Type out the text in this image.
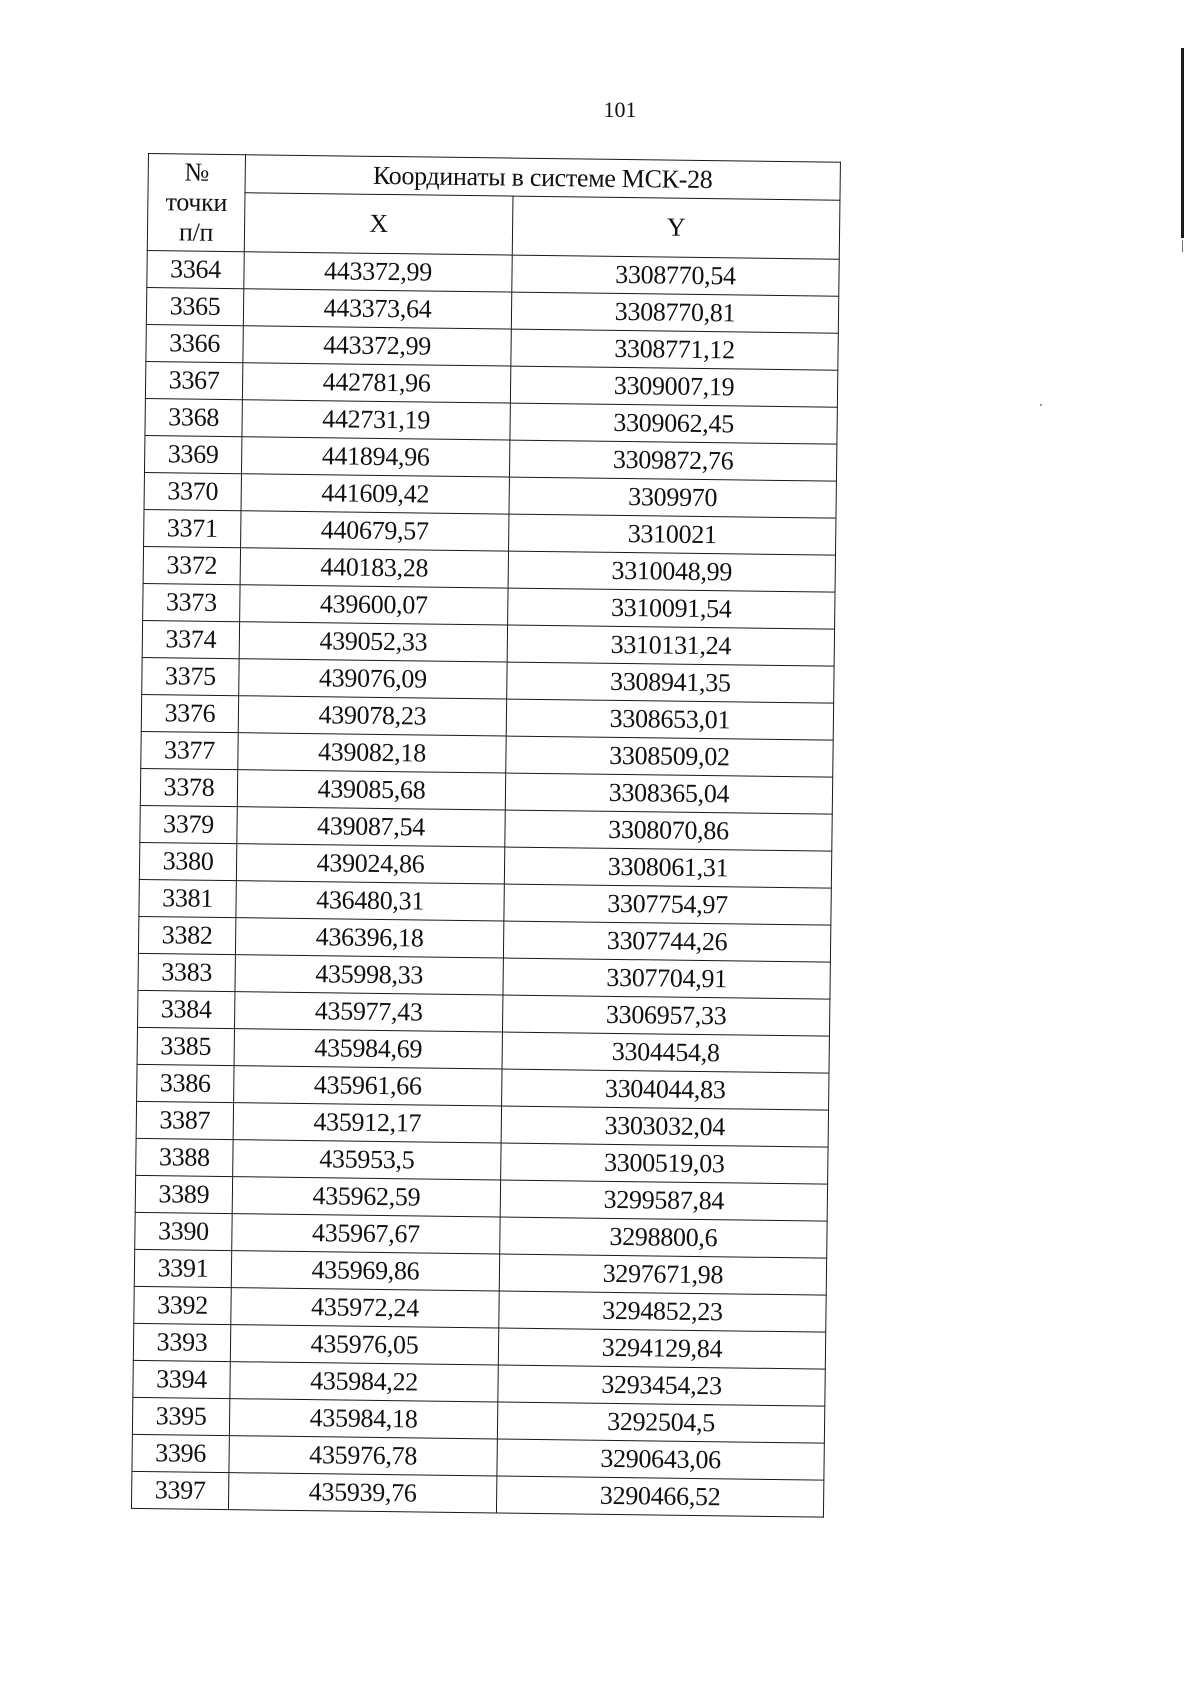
101
№
точки
п/п	Координаты в системе МСК-28	
	X	Y
3364	443372,99	3308770,54
3365	443373,64	3308770,81
3366	443372,99	3308771,12
3367	442781,96	3309007,19
3368	442731,19	3309062,45
3369	441894,96	3309872,76
3370	441609,42	3309970
3371	440679,57	3310021
3372	440183,28	3310048,99
3373	439600,07	3310091,54
3374	439052,33	3310131,24
3375	439076,09	3308941,35
3376	439078,23	3308653,01
3377	439082,18	3308509,02
3378	439085,68	3308365,04
3379	439087,54	3308070,86
3380	439024,86	3308061,31
3381	436480,31	3307754,97
3382	436396,18	3307744,26
3383	435998,33	3307704,91
3384	435977,43	3306957,33
3385	435984,69	3304454,8
3386	435961,66	3304044,83
3387	435912,17	3303032,04
3388	435953,5	3300519,03
3389	435962,59	3299587,84
3390	435967,67	3298800,6
3391	435969,86	3297671,98
3392	435972,24	3294852,23
3393	435976,05	3294129,84
3394	435984,22	3293454,23
3395	435984,18	3292504,5
3396	435976,78	3290643,06
3397	435939,76	3290466,52
